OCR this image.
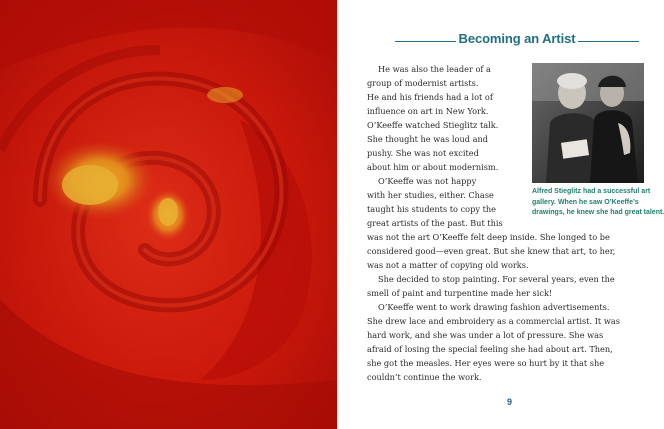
Becoming an Artist
He was also the leader of a
group of modernist artists.
He and his friends had a lot of
influence on art in New York.
O’Keeffe watched Stieglitz talk.
She thought he was loud and
pushy. She was not excited
about him or about modernism.
O’Keeffe was not happy
with her studies, either. Chase
taught his students to copy the
great artists of the past. But this
was not the art O’Keeffe felt deep inside. She longed to be
considered good—even great. But she knew that art, to her,
was not a matter of copying old works.
She decided to stop painting. For several years, even the
smell of paint and turpentine made her sick!
O’Keeffe went to work drawing fashion advertisements.
She drew lace and embroidery as a commercial artist. It was
hard work, and she was under a lot of pressure. She was
afraid of losing the special feeling she had about art. Then,
she got the measles. Her eyes were so hurt by it that she
couldn’t continue the work.
Alfred Stieglitz had a successful art
gallery. When he saw O’Keeffe’s
drawings, he knew she had great talent.
9
